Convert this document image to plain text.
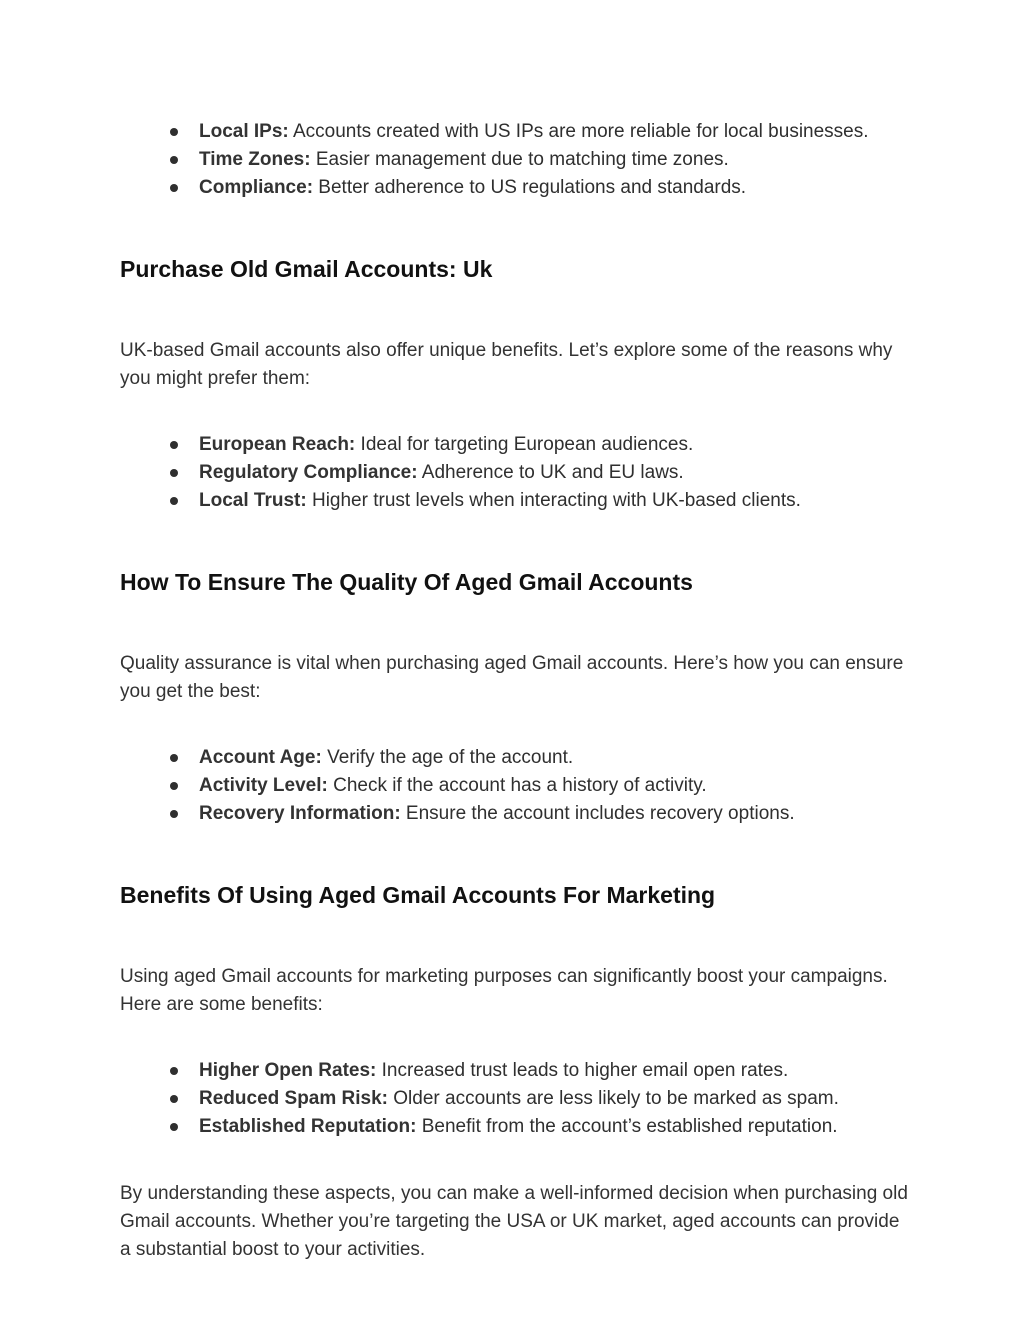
Local IPs: Accounts created with US IPs are more reliable for local businesses.
Time Zones: Easier management due to matching time zones.
Compliance: Better adherence to US regulations and standards.
Purchase Old Gmail Accounts: Uk

UK-based Gmail accounts also offer unique benefits. Let’s explore some of the reasons why you might prefer them:

European Reach: Ideal for targeting European audiences.
Regulatory Compliance: Adherence to UK and EU laws.
Local Trust: Higher trust levels when interacting with UK-based clients.
How To Ensure The Quality Of Aged Gmail Accounts

Quality assurance is vital when purchasing aged Gmail accounts. Here’s how you can ensure you get the best:

Account Age: Verify the age of the account.
Activity Level: Check if the account has a history of activity.
Recovery Information: Ensure the account includes recovery options.
Benefits Of Using Aged Gmail Accounts For Marketing

Using aged Gmail accounts for marketing purposes can significantly boost your campaigns. Here are some benefits:

Higher Open Rates: Increased trust leads to higher email open rates.
Reduced Spam Risk: Older accounts are less likely to be marked as spam.
Established Reputation: Benefit from the account’s established reputation.

By understanding these aspects, you can make a well-informed decision when purchasing old Gmail accounts. Whether you’re targeting the USA or UK market, aged accounts can provide a substantial boost to your activities.
